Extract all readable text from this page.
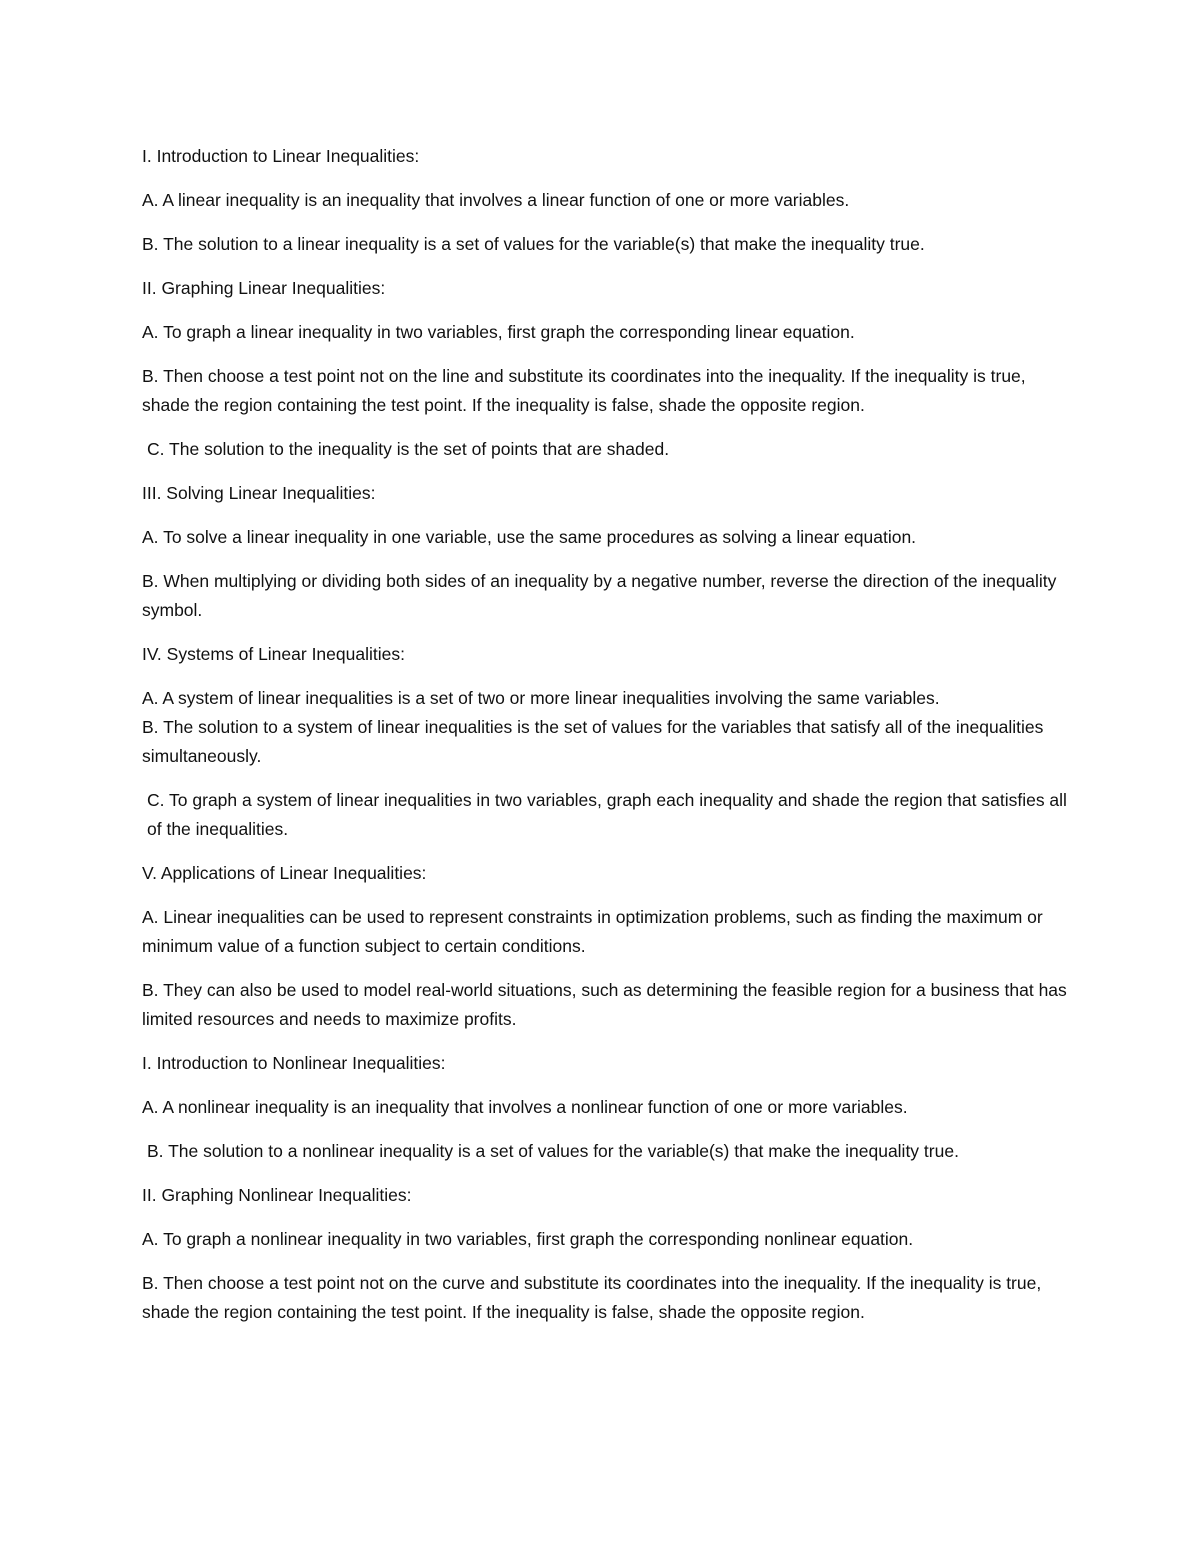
I. Introduction to Linear Inequalities:

A. A linear inequality is an inequality that involves a linear function of one or more variables.

B. The solution to a linear inequality is a set of values for the variable(s) that make the inequality true.

II. Graphing Linear Inequalities:

A. To graph a linear inequality in two variables, first graph the corresponding linear equation.

B. Then choose a test point not on the line and substitute its coordinates into the inequality. If the inequality is true, shade the region containing the test point. If the inequality is false, shade the opposite region.

C. The solution to the inequality is the set of points that are shaded.

III. Solving Linear Inequalities:

A. To solve a linear inequality in one variable, use the same procedures as solving a linear equation.

B. When multiplying or dividing both sides of an inequality by a negative number, reverse the direction of the inequality symbol.

IV. Systems of Linear Inequalities:

A. A system of linear inequalities is a set of two or more linear inequalities involving the same variables.

B. The solution to a system of linear inequalities is the set of values for the variables that satisfy all of the inequalities simultaneously.

C. To graph a system of linear inequalities in two variables, graph each inequality and shade the region that satisfies all of the inequalities.

V. Applications of Linear Inequalities:

A. Linear inequalities can be used to represent constraints in optimization problems, such as finding the maximum or minimum value of a function subject to certain conditions.

B. They can also be used to model real-world situations, such as determining the feasible region for a business that has limited resources and needs to maximize profits.

I. Introduction to Nonlinear Inequalities:

A. A nonlinear inequality is an inequality that involves a nonlinear function of one or more variables.

B. The solution to a nonlinear inequality is a set of values for the variable(s) that make the inequality true.

II. Graphing Nonlinear Inequalities:

A. To graph a nonlinear inequality in two variables, first graph the corresponding nonlinear equation.

B. Then choose a test point not on the curve and substitute its coordinates into the inequality. If the inequality is true, shade the region containing the test point. If the inequality is false, shade the opposite region.
